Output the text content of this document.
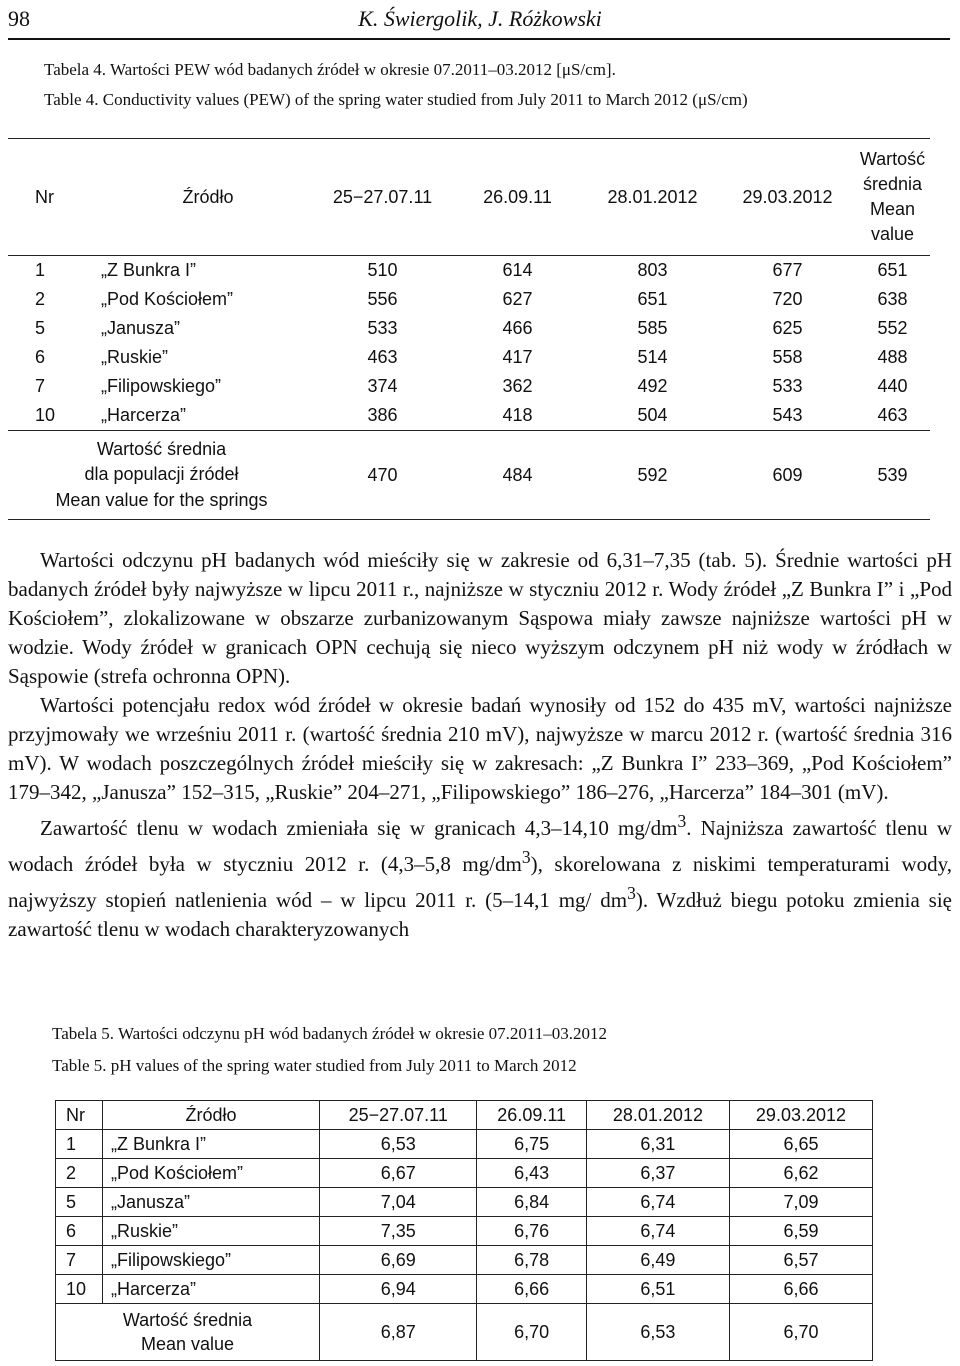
98	K. Świergolik, J. Różkowski
Tabela 4. Wartości PEW wód badanych źródeł w okresie 07.2011–03.2012 [μS/cm].
Table 4. Conductivity values (PEW) of the spring water studied from July 2011 to March 2012 (μS/cm)
Nr	Źródło	25−27.07.11	26.09.11	28.01.2012	29.03.2012	Wartość
średnia
Mean
value

1	„Z Bunkra I”	510	614	803	677	651
2	„Pod Kościołem”	556	627	651	720	638
5	„Janusza”	533	466	585	625	552
6	„Ruskie”	463	417	514	558	488
7	„Filipowskiego”	374	362	492	533	440
10	„Harcerza”	386	418	504	543	463

Wartość średnia
dla populacji źródeł
Mean value for the springs		470	484	592	609	539

Wartości odczynu pH badanych wód mieściły się w zakresie od 6,31–7,35 (tab. 5). Średnie wartości pH badanych źródeł były najwyższe w lipcu 2011 r., najniższe w styczniu 2012 r. Wody źródeł „Z Bunkra I” i „Pod Kościołem”, zlokalizowane w obszarze zurbanizowanym Sąspowa miały zawsze najniższe wartości pH w wodzie. Wody źródeł w granicach OPN cechują się nieco wyższym odczynem pH niż wody w źródłach w Sąspowie (strefa ochronna OPN).

Wartości potencjału redox wód źródeł w okresie badań wynosiły od 152 do 435 mV, wartości najniższe przyjmowały we wrześniu 2011 r. (wartość średnia 210 mV), najwyższe w marcu 2012 r. (wartość średnia 316 mV). W wodach poszczególnych źródeł mieściły się w zakresach: „Z Bunkra I” 233–369, „Pod Kościołem” 179–342, „Janusza” 152–315, „Ruskie” 204–271, „Filipowskiego” 186–276, „Harcerza” 184–301 (mV).

Zawartość tlenu w wodach zmieniała się w granicach 4,3–14,10 $mg/dm^3$. Najniższa zawartość tlenu w wodach źródeł była w styczniu 2012 r. (4,3–5,8 $mg/dm^3$), skorelowana z niskimi temperaturami wody, najwyższy stopień natlenienia wód – w lipcu 2011 r. (5–14,1 mg/ $dm^3$). Wzdłuż biegu potoku zmienia się zawartość tlenu w wodach charakteryzowanych

Tabela 5. Wartości odczynu pH wód badanych źródeł w okresie 07.2011–03.2012
Table 5. pH values of the spring water studied from July 2011 to March 2012
Nr	Źródło	25−27.07.11	26.09.11	28.01.2012	29.03.2012
1	„Z Bunkra I”	6,53	6,75	6,31	6,65
2	„Pod Kościołem”	6,67	6,43	6,37	6,62
5	„Janusza”	7,04	6,84	6,74	7,09
6	„Ruskie”	7,35	6,76	6,74	6,59
7	„Filipowskiego”	6,69	6,78	6,49	6,57
10	„Harcerza”	6,94	6,66	6,51	6,66

Wartość średnia
Mean value		6,87	6,70	6,53	6,70
